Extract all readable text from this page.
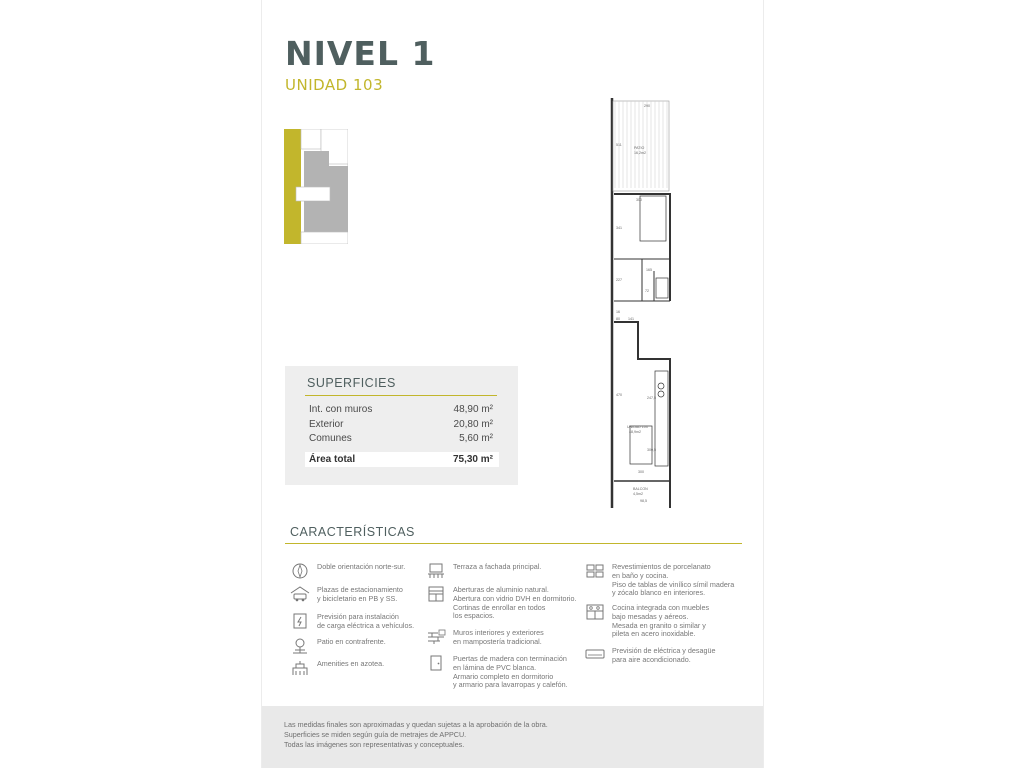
NIVEL 1
UNIDAD 103
SUPERFICIES
Int. con muros	48,90 m²
Exterior	20,80 m²
Comunes	5,60 m²
Área total	75,30 m²
290
PATIO
16,2m2
511
300
341
227
72
165
80 141
16
470
247,5
UNIDAD 103
48,9m2
300,5
300
BALCON
4,5m2
98,5
CARACTERÍSTICAS
Doble orientación norte-sur.
Plazas de estacionamiento
y bicicletario en PB y SS.
Previsión para instalación
de carga eléctrica a vehículos.
Patio en contrafrente.
Amenities en azotea.
Terraza a fachada principal.
Aberturas de aluminio natural.
Abertura con vidrio DVH en dormitorio.
Cortinas de enrollar en todos
los espacios.
Muros interiores y exteriores
en mampostería tradicional.
Puertas de madera con terminación
en lámina de PVC blanca.
Armario completo en dormitorio
y armario para lavarropas y calefón.
Revestimientos de porcelanato
en baño y cocina.
Piso de tablas de vinílico símil madera
y zócalo blanco en interiores.
Cocina integrada con muebles
bajo mesadas y aéreos.
Mesada en granito o similar y
pileta en acero inoxidable.
Previsión de eléctrica y desagüe
para aire acondicionado.
Las medidas finales son aproximadas y quedan sujetas a la aprobación de la obra.
Superficies se miden según guía de metrajes de APPCU.
Todas las imágenes son representativas y conceptuales.
